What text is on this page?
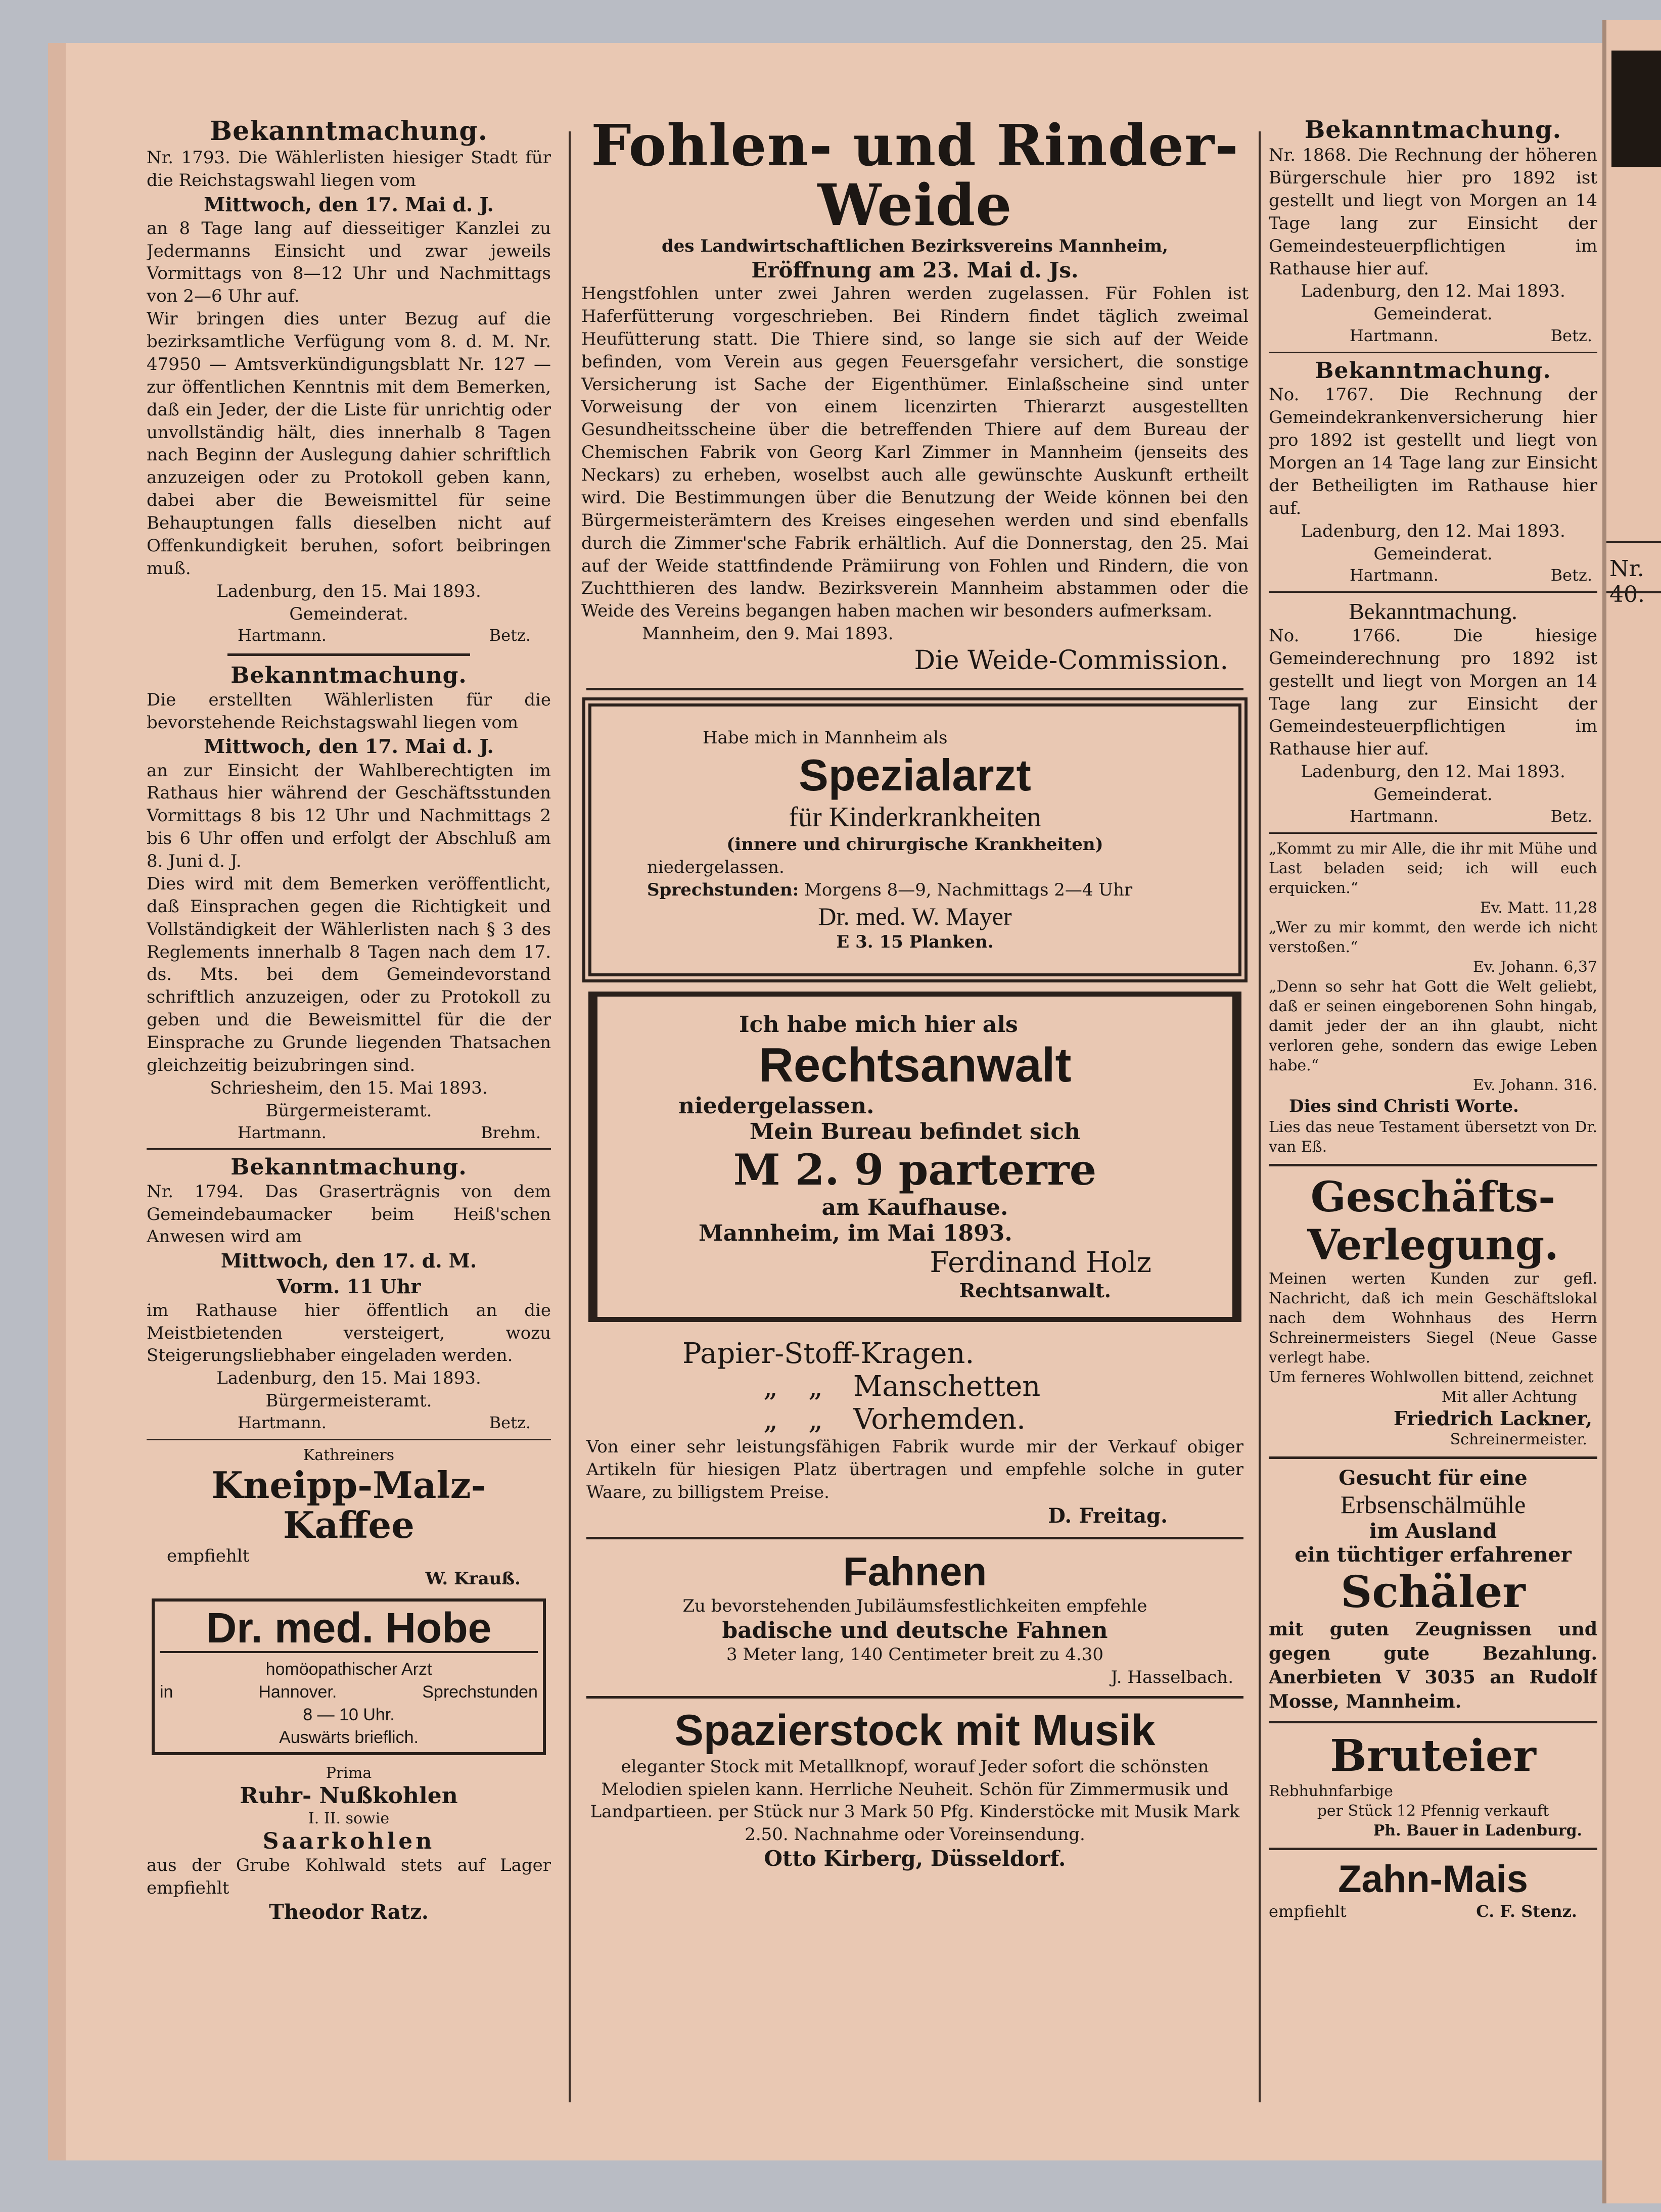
Bekanntmachung.
Nr. 1793. Die Wählerlisten hiesiger Stadt für die Reichstagswahl liegen vom
Mittwoch, den 17. Mai d. J.
an 8 Tage lang auf diesseitiger Kanzlei zu Jedermanns Einsicht und zwar jeweils Vormittags von 8—12 Uhr und Nachmittags von 2—6 Uhr auf.
Wir bringen dies unter Bezug auf die bezirksamtliche Verfügung vom 8. d. M. Nr. 47950 — Amtsverkündigungsblatt Nr. 127 — zur öffentlichen Kenntnis mit dem Bemerken, daß ein Jeder, der die Liste für unrichtig oder unvollständig hält, dies innerhalb 8 Tagen nach Beginn der Auslegung dahier schriftlich anzuzeigen oder zu Protokoll geben kann, dabei aber die Beweismittel für seine Behauptungen falls dieselben nicht auf Offenkundigkeit beruhen, sofort beibringen muß.
Ladenburg, den 15. Mai 1893.
Gemeinderat.
Hartmann.	Betz.
Bekanntmachung.
Die erstellten Wählerlisten für die bevorstehende Reichstagswahl liegen vom
Mittwoch, den 17. Mai d. J.
an zur Einsicht der Wahlberechtigten im Rathaus hier während der Geschäftsstunden Vormittags 8 bis 12 Uhr und Nachmittags 2 bis 6 Uhr offen und erfolgt der Abschluß am 8. Juni d. J.
Dies wird mit dem Bemerken veröffentlicht, daß Einsprachen gegen die Richtigkeit und Vollständigkeit der Wählerlisten nach § 3 des Reglements innerhalb 8 Tagen nach dem 17. ds. Mts. bei dem Gemeindevorstand schriftlich anzuzeigen, oder zu Protokoll zu geben und die Beweismittel für die der Einsprache zu Grunde liegenden Thatsachen gleichzeitig beizubringen sind.
Schriesheim, den 15. Mai 1893.
Bürgermeisteramt.
Hartmann.	Brehm.
Bekanntmachung.
Nr. 1794. Das Graserträgnis von dem Gemeindebaumacker beim Heiß'schen Anwesen wird am
Mittwoch, den 17. d. M.
Vorm. 11 Uhr
im Rathause hier öffentlich an die Meistbietenden versteigert, wozu Steigerungsliebhaber eingeladen werden.
Ladenburg, den 15. Mai 1893.
Bürgermeisteramt.
Hartmann.	Betz.
Kathreiners
Kneipp-Malz-Kaffee
empfiehlt
W. Krauß.
Dr. med. Hobe
homöopathischer Arzt
in	Hannover.	Sprechstunden
8 — 10 Uhr.
Auswärts brieflich.
Prima
Ruhr- Nußkohlen
I. II. sowie
Saarkohlen
aus der Grube Kohlwald stets auf Lager empfiehlt
Theodor Ratz.
Fohlen- und Rinder-Weide
des Landwirtschaftlichen Bezirksvereins Mannheim,
Eröffnung am 23. Mai d. Js.
Hengstfohlen unter zwei Jahren werden zugelassen. Für Fohlen ist Haferfütterung vorgeschrieben. Bei Rindern findet täglich zweimal Heufütterung statt. Die Thiere sind, so lange sie sich auf der Weide befinden, vom Verein aus gegen Feuersgefahr versichert, die sonstige Versicherung ist Sache der Eigenthümer. Einlaßscheine sind unter Vorweisung der von einem licenzirten Thierarzt ausgestellten Gesundheitsscheine über die betreffenden Thiere auf dem Bureau der Chemischen Fabrik von Georg Karl Zimmer in Mannheim (jenseits des Neckars) zu erheben, woselbst auch alle gewünschte Auskunft ertheilt wird. Die Bestimmungen über die Benutzung der Weide können bei den Bürgermeisterämtern des Kreises eingesehen werden und sind ebenfalls durch die Zimmer'sche Fabrik erhältlich. Auf die Donnerstag, den 25. Mai auf der Weide stattfindende Prämiirung von Fohlen und Rindern, die von Zuchtthieren des landw. Bezirksverein Mannheim abstammen oder die Weide des Vereins begangen haben machen wir besonders aufmerksam.
Mannheim, den 9. Mai 1893.
Die Weide-Commission.
Habe mich in Mannheim als
Spezialarzt
für Kinderkrankheiten
(innere und chirurgische Krankheiten)
niedergelassen.
Sprechstunden: Morgens 8—9, Nachmittags 2—4 Uhr
Dr. med. W. Mayer
E 3. 15 Planken.
Ich habe mich hier als
Rechtsanwalt
niedergelassen.
Mein Bureau befindet sich
M 2. 9 parterre
am Kaufhause.
Mannheim, im Mai 1893.
Ferdinand Holz
Rechtsanwalt.
Papier-Stoff-Kragen.
„ „ Manschetten
„ „ Vorhemden.
Von einer sehr leistungsfähigen Fabrik wurde mir der Verkauf obiger Artikeln für hiesigen Platz übertragen und empfehle solche in guter Waare, zu billigstem Preise.
D. Freitag.
Fahnen
Zu bevorstehenden Jubiläumsfestlichkeiten empfehle
badische und deutsche Fahnen
3 Meter lang, 140 Centimeter breit zu 4.30
J. Hasselbach.
Spazierstock mit Musik
eleganter Stock mit Metallknopf, worauf Jeder sofort die schönsten Melodien spielen kann. Herrliche Neuheit. Schön für Zimmermusik und Landpartieen. per Stück nur 3 Mark 50 Pfg. Kinderstöcke mit Musik Mark 2.50. Nachnahme oder Voreinsendung.
Otto Kirberg, Düsseldorf.
Bekanntmachung.
Nr. 1868. Die Rechnung der höheren Bürgerschule hier pro 1892 ist gestellt und liegt von Morgen an 14 Tage lang zur Einsicht der Gemeindesteuerpflichtigen im Rathause hier auf.
Ladenburg, den 12. Mai 1893.
Gemeinderat.
Hartmann.	Betz.
Bekanntmachung.
No. 1767. Die Rechnung der Gemeindekrankenversicherung hier pro 1892 ist gestellt und liegt von Morgen an 14 Tage lang zur Einsicht der Betheiligten im Rathause hier auf.
Ladenburg, den 12. Mai 1893.
Gemeinderat.
Hartmann.	Betz.
Bekanntmachung.
No. 1766. Die hiesige Gemeinderechnung pro 1892 ist gestellt und liegt von Morgen an 14 Tage lang zur Einsicht der Gemeindesteuerpflichtigen im Rathause hier auf.
Ladenburg, den 12. Mai 1893.
Gemeinderat.
Hartmann.	Betz.
„Kommt zu mir Alle, die ihr mit Mühe und Last beladen seid; ich will euch erquicken.“
Ev. Matt. 11,28
„Wer zu mir kommt, den werde ich nicht verstoßen.“
Ev. Johann. 6,37
„Denn so sehr hat Gott die Welt geliebt, daß er seinen eingeborenen Sohn hingab, damit jeder der an ihn glaubt, nicht verloren gehe, sondern das ewige Leben habe.“
Ev. Johann. 316.
Dies sind Christi Worte.
Lies das neue Testament übersetzt von Dr. van Eß.
Geschäfts-Verlegung.
Meinen werten Kunden zur gefl. Nachricht, daß ich mein Geschäftslokal nach dem Wohnhaus des Herrn Schreinermeisters Siegel (Neue Gasse verlegt habe.
Um ferneres Wohlwollen bittend, zeichnet
Mit aller Achtung
Friedrich Lackner,
Schreinermeister.
Gesucht für eine
Erbsenschälmühle
im Ausland
ein tüchtiger erfahrener
Schäler
mit guten Zeugnissen und gegen gute Bezahlung. Anerbieten V 3035 an Rudolf Mosse, Mannheim.
Bruteier
Rebhuhnfarbige
per Stück 12 Pfennig verkauft
Ph. Bauer in Ladenburg.
Zahn-Mais
empfiehlt	C. F. Stenz.
Nr. 40.
